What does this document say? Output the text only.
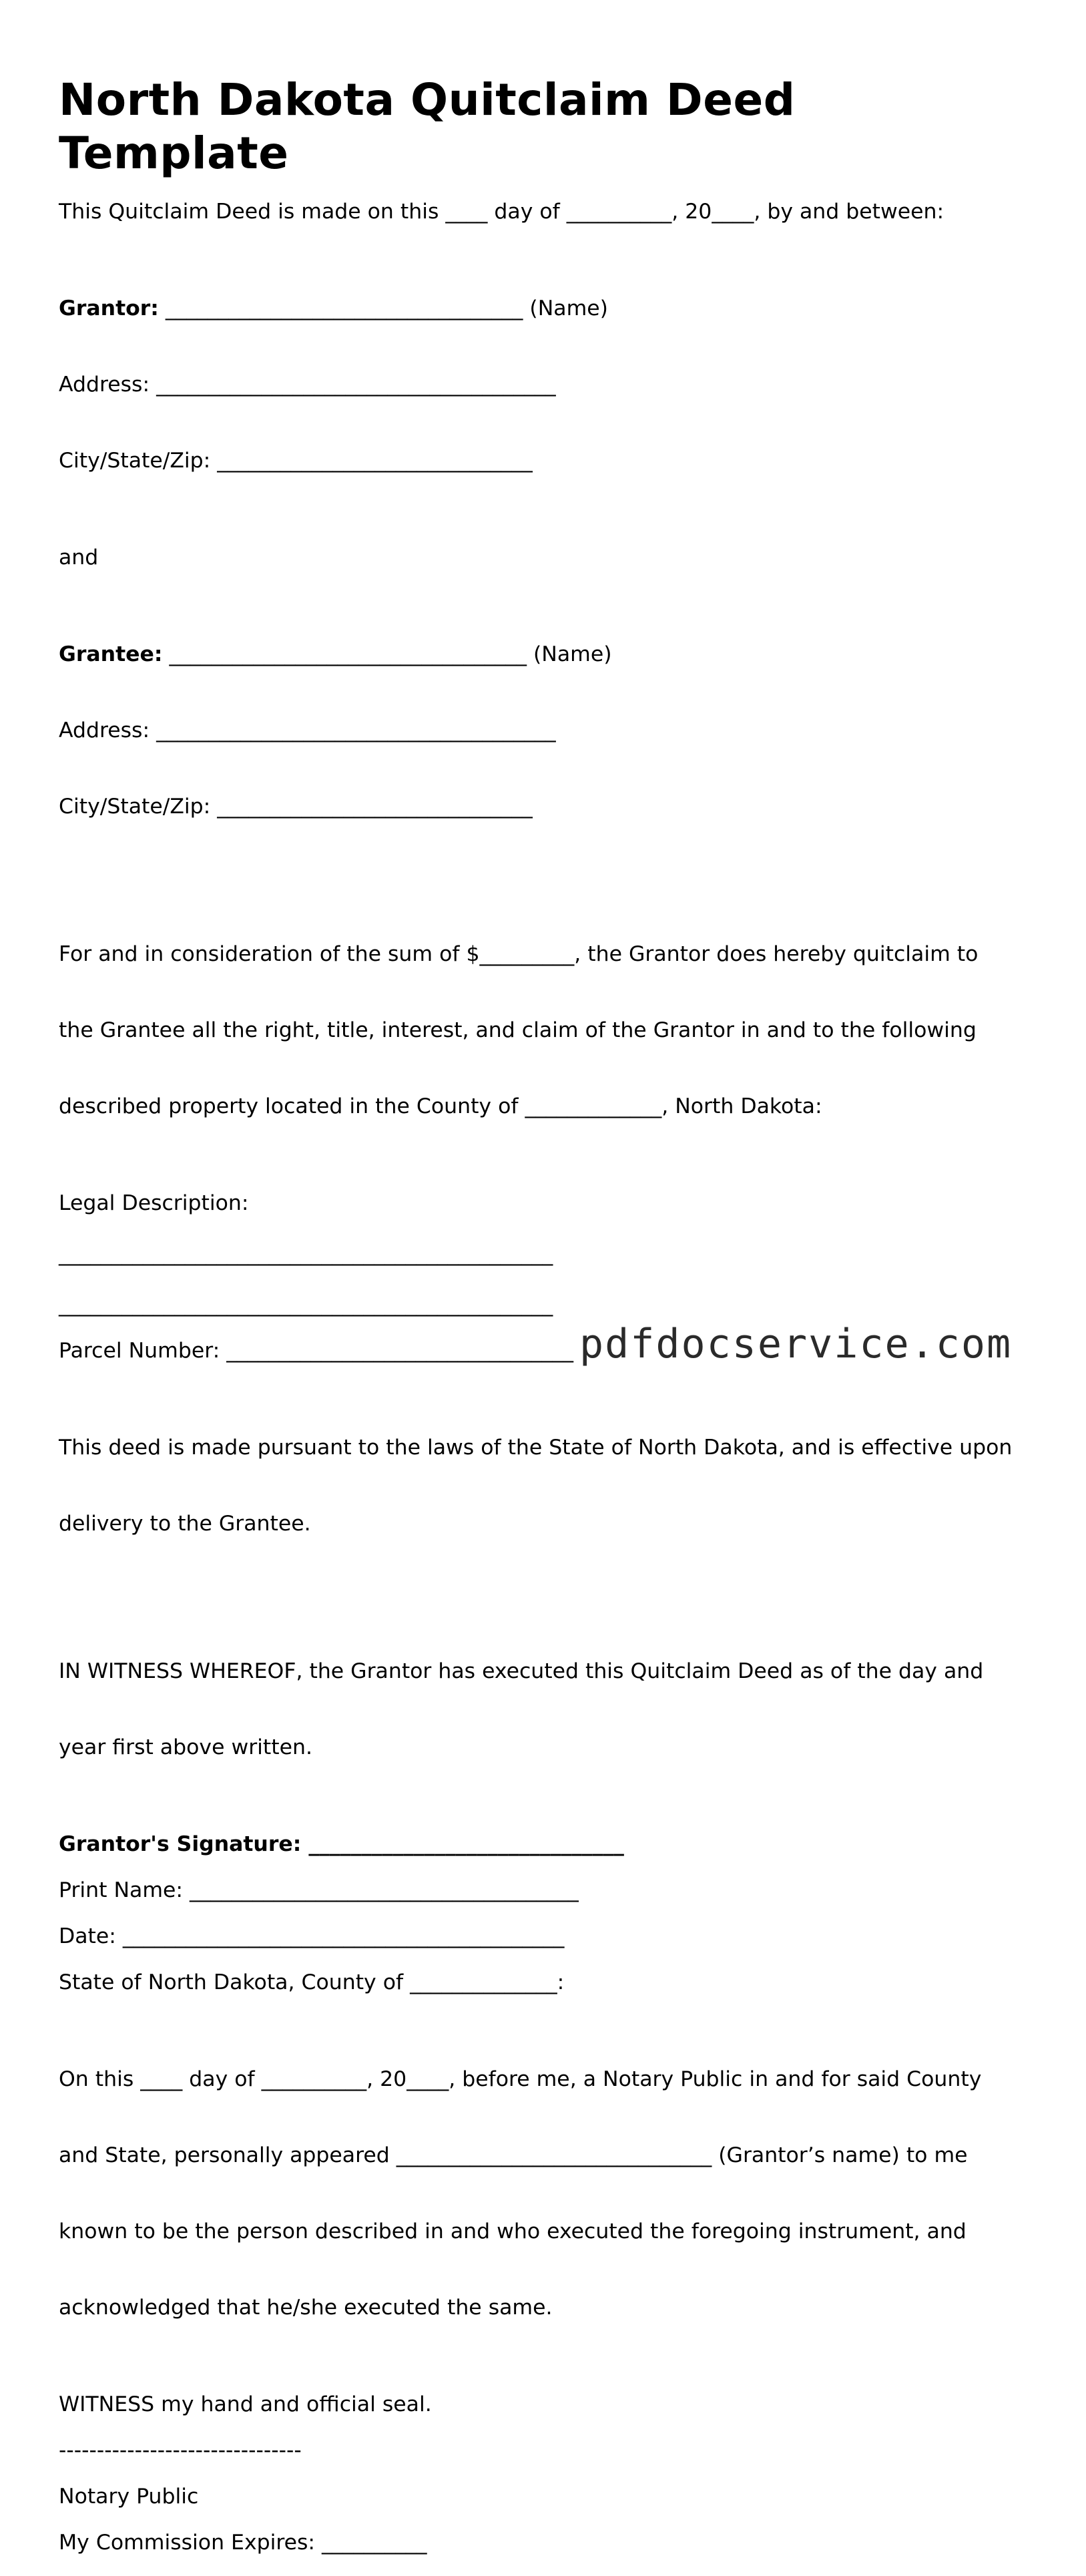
North Dakota Quitclaim Deed Template
This Quitclaim Deed is made on this ____ day of __________, 20____, by and between:

Grantor: __________________________________ (Name)

Address: ______________________________________

City/State/Zip: ______________________________

and

Grantee: __________________________________ (Name)

Address: ______________________________________

City/State/Zip: ______________________________

For and in consideration of the sum of $_________, the Grantor does hereby quitclaim to

the Grantee all the right, title, interest, and claim of the Grantor in and to the following

described property located in the County of _____________, North Dakota:

Legal Description:
_______________________________________________
_______________________________________________
Parcel Number: _________________________________

This deed is made pursuant to the laws of the State of North Dakota, and is effective upon

delivery to the Grantee.

IN WITNESS WHEREOF, the Grantor has executed this Quitclaim Deed as of the day and

year first above written.

Grantor's Signature: ______________________________
Print Name: _____________________________________
Date: __________________________________________
State of North Dakota, County of ______________:

On this ____ day of __________, 20____, before me, a Notary Public in and for said County

and State, personally appeared ______________________________ (Grantor’s name) to me

known to be the person described in and who executed the foregoing instrument, and

acknowledged that he/she executed the same.

WITNESS my hand and official seal.
--------------------------------
Notary Public
My Commission Expires: __________
pdfdocservice.com
